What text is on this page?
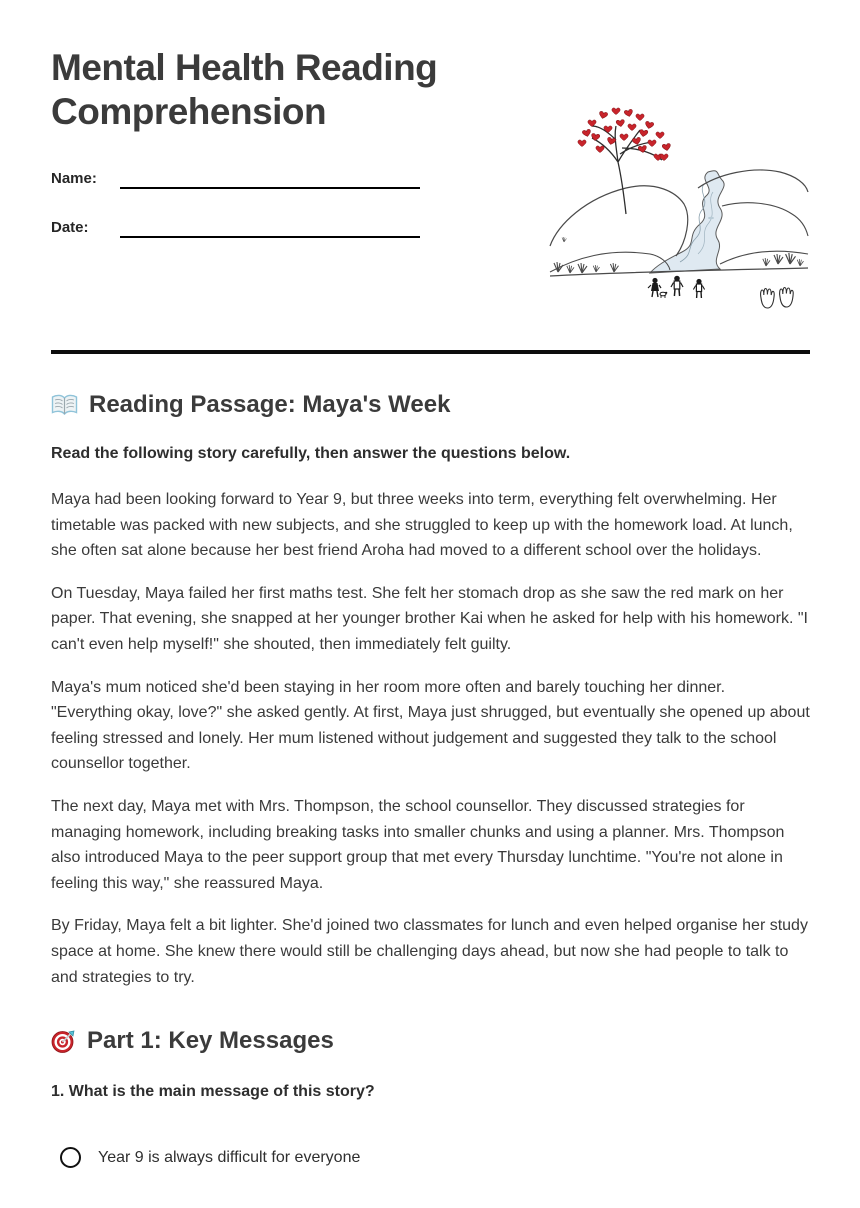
Mental Health Reading Comprehension
Name:
Date:
Reading Passage: Maya's Week

Read the following story carefully, then answer the questions below.

Maya had been looking forward to Year 9, but three weeks into term, everything felt overwhelming. Her timetable was packed with new subjects, and she struggled to keep up with the homework load. At lunch, she often sat alone because her best friend Aroha had moved to a different school over the holidays.

On Tuesday, Maya failed her first maths test. She felt her stomach drop as she saw the red mark on her paper. That evening, she snapped at her younger brother Kai when he asked for help with his homework. "I can't even help myself!" she shouted, then immediately felt guilty.

Maya's mum noticed she'd been staying in her room more often and barely touching her dinner. "Everything okay, love?" she asked gently. At first, Maya just shrugged, but eventually she opened up about feeling stressed and lonely. Her mum listened without judgement and suggested they talk to the school counsellor together.

The next day, Maya met with Mrs. Thompson, the school counsellor. They discussed strategies for managing homework, including breaking tasks into smaller chunks and using a planner. Mrs. Thompson also introduced Maya to the peer support group that met every Thursday lunchtime. "You're not alone in feeling this way," she reassured Maya.

By Friday, Maya felt a bit lighter. She'd joined two classmates for lunch and even helped organise her study space at home. She knew there would still be challenging days ahead, but now she had people to talk to and strategies to try.

Part 1: Key Messages

1. What is the main message of this story?

Year 9 is always difficult for everyone
